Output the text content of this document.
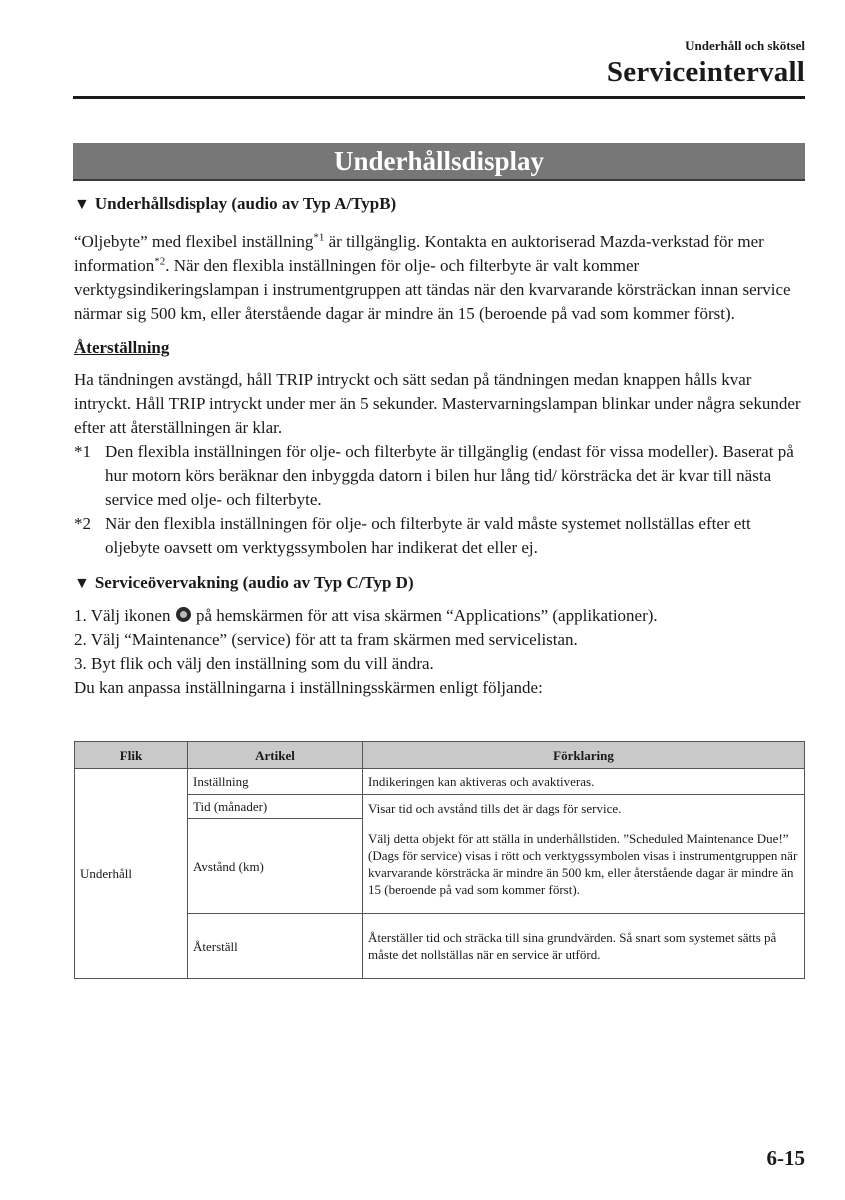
Underhåll och skötsel
Serviceintervall
Underhållsdisplay
▼ Underhållsdisplay (audio av Typ A/TypB)

“Oljebyte” med flexibel inställning$^{*1}$ är tillgänglig. Kontakta en auktoriserad Mazda-verkstad för mer information$^{*2}$. När den flexibla inställningen för olje- och filterbyte är valt kommer verktygsindikeringslampan i instrumentgruppen att tändas när den kvarvarande körsträckan innan service närmar sig 500 km, eller återstående dagar är mindre än 15 (beroende på vad som kommer först).

Återställning

Ha tändningen avstängd, håll TRIP intryckt och sätt sedan på tändningen medan knappen hålls kvar intryckt. Håll TRIP intryckt under mer än 5 sekunder. Mastervarningslampan blinkar under några sekunder efter att återställningen är klar.

*1 Den flexibla inställningen för olje- och filterbyte är tillgänglig (endast för vissa modeller). Baserat på hur motorn körs beräknar den inbyggda datorn i bilen hur lång tid/ körsträcka det är kvar till nästa service med olje- och filterbyte.
*2 När den flexibla inställningen för olje- och filterbyte är vald måste systemet nollställas efter ett oljebyte oavsett om verktygssymbolen har indikerat det eller ej.
▼ Serviceövervakning (audio av Typ C/Typ D)

1. Välj ikonen  på hemskärmen för att visa skärmen “Applications” (applikationer).

2. Välj “Maintenance” (service) för att ta fram skärmen med servicelistan.

3. Byt flik och välj den inställning som du vill ändra.

Du kan anpassa inställningarna i inställningsskärmen enligt följande:

Flik	Artikel	Förklaring
Underhåll	Inställning	Indikeringen kan aktiveras och avaktiveras.
	Tid (månader)	Visar tid och avstånd tills det är dags för service.
	Avstånd (km)	Välj detta objekt för att ställa in underhållstiden. ”Scheduled Maintenance Due!” (Dags för service) visas i rött och verktygssymbolen visas i instrumentgruppen när kvarvarande körsträcka är mindre än 500 km, eller återstående dagar är mindre än 15 (beroende på vad som kommer först).
	Återställ	Återställer tid och sträcka till sina grundvärden. Så snart som systemet sätts på måste det nollställas när en service är utförd.
6-15
